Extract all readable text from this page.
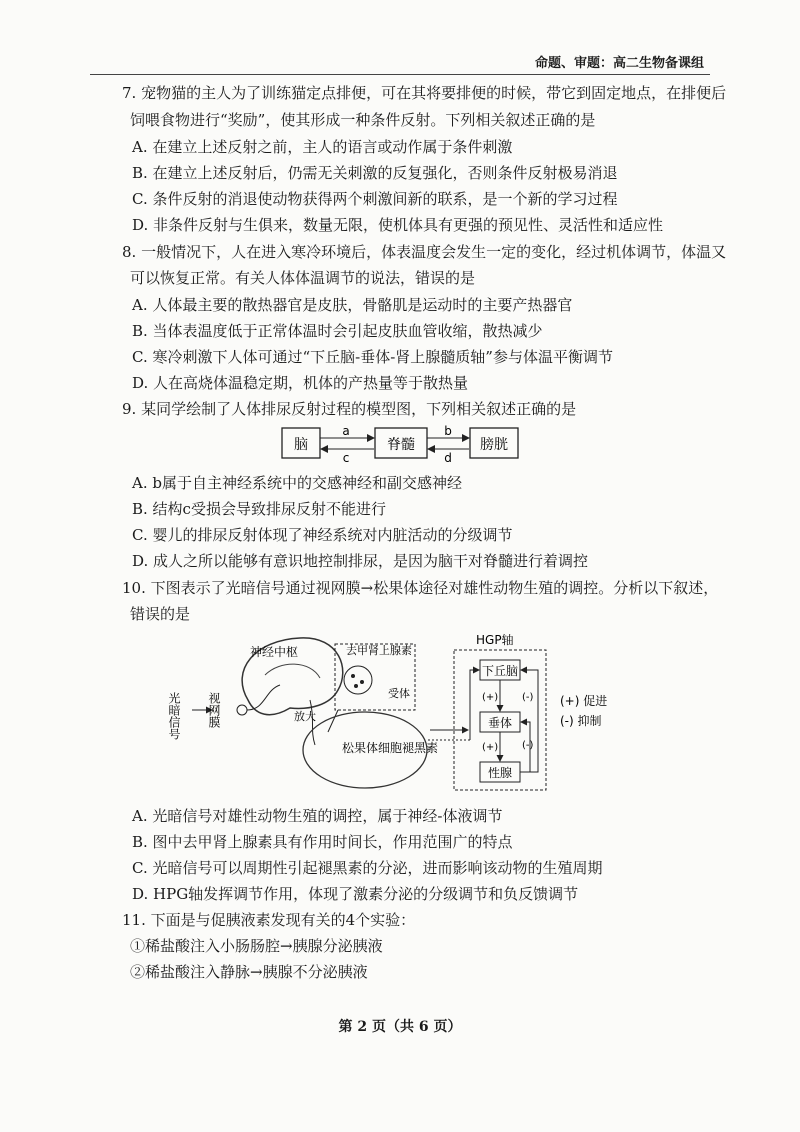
命题、审题：高二生物备课组
7. 宠物猫的主人为了训练猫定点排便，可在其将要排便的时候，带它到固定地点，在排便后
饲喂食物进行“奖励”，使其形成一种条件反射。下列相关叙述正确的是
A. 在建立上述反射之前，主人的语言或动作属于条件刺激
B. 在建立上述反射后，仍需无关刺激的反复强化，否则条件反射极易消退
C. 条件反射的消退使动物获得两个刺激间新的联系，是一个新的学习过程
D. 非条件反射与生俱来，数量无限，使机体具有更强的预见性、灵活性和适应性
8. 一般情况下，人在进入寒冷环境后，体表温度会发生一定的变化，经过机体调节，体温又
可以恢复正常。有关人体体温调节的说法，错误的是
A. 人体最主要的散热器官是皮肤，骨骼肌是运动时的主要产热器官
B. 当体表温度低于正常体温时会引起皮肤血管收缩，散热减少
C. 寒冷刺激下人体可通过“下丘脑-垂体-肾上腺髓质轴”参与体温平衡调节
D. 人在高烧体温稳定期，机体的产热量等于散热量
9. 某同学绘制了人体排尿反射过程的模型图，下列相关叙述正确的是
脑	脊髓	膀胱
a
c
b
d
A. b属于自主神经系统中的交感神经和副交感神经
B. 结构c受损会导致排尿反射不能进行
C. 婴儿的排尿反射体现了神经系统对内脏活动的分级调节
D. 成人之所以能够有意识地控制排尿，是因为脑干对脊髓进行着调控
10. 下图表示了光暗信号通过视网膜→松果体途径对雄性动物生殖的调控。分析以下叙述，
错误的是
神经中枢
光暗信号 视网膜	放大
去甲肾上腺素
受体
松果体细胞 褪黑素
HGP轴
下丘脑
垂体
性腺
(+)
(+)
(-)
(-)
(+) 促进
(-) 抑制
A. 光暗信号对雄性动物生殖的调控，属于神经-体液调节
B. 图中去甲肾上腺素具有作用时间长，作用范围广的特点
C. 光暗信号可以周期性引起褪黑素的分泌，进而影响该动物的生殖周期
D. HPG轴发挥调节作用，体现了激素分泌的分级调节和负反馈调节
11. 下面是与促胰液素发现有关的4个实验：
①稀盐酸注入小肠肠腔→胰腺分泌胰液
②稀盐酸注入静脉→胰腺不分泌胰液
第 2 页（共 6 页）
